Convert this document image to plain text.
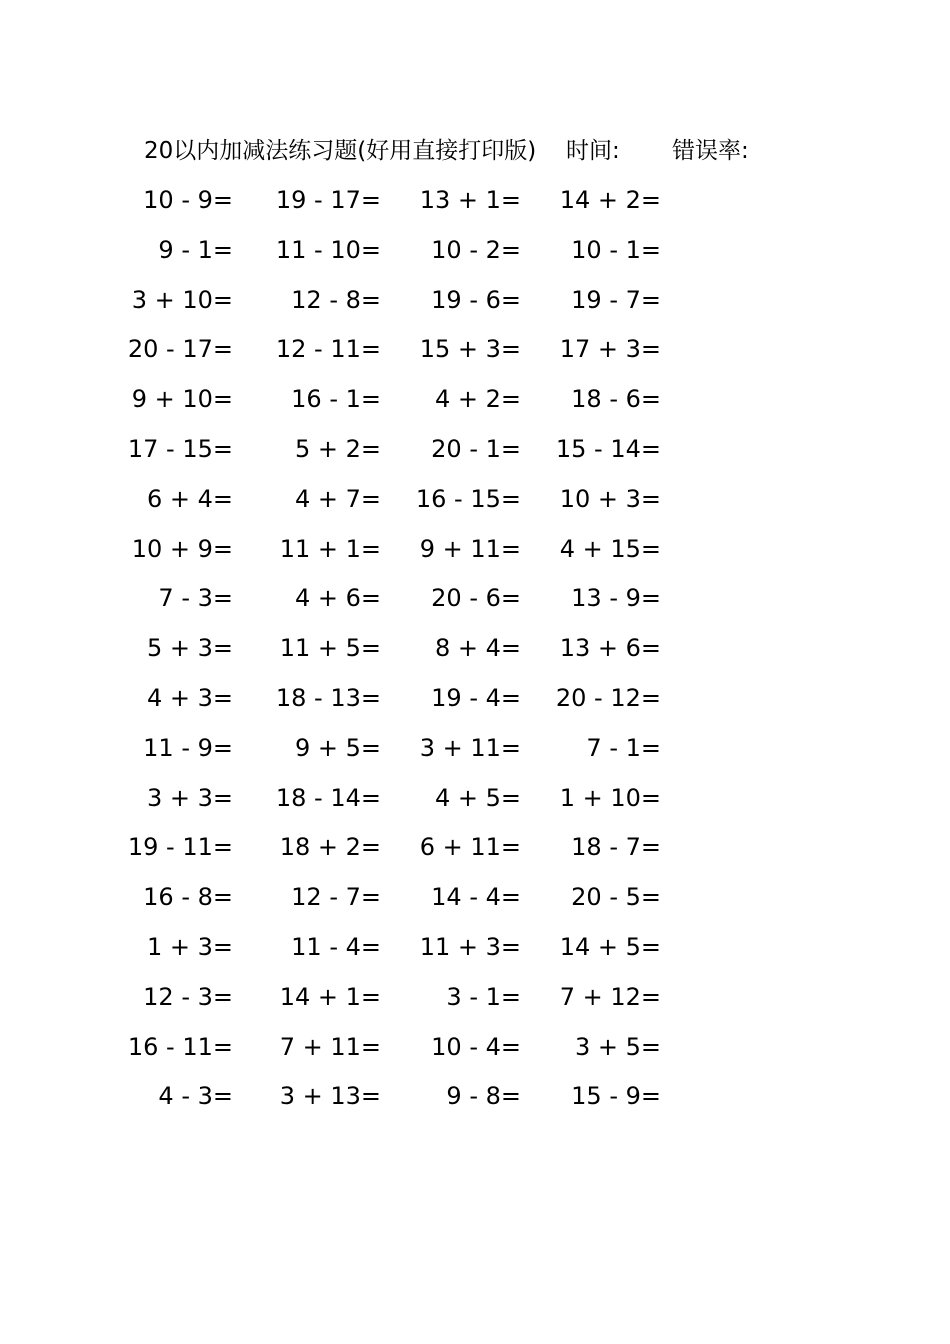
20以内加减法练习题(好用直接打印版) 时间: 错误率:
10 - 9= 19 - 17= 13 + 1= 14 + 2=
9 - 1= 11 - 10= 10 - 2= 10 - 1=
3 + 10= 12 - 8= 19 - 6= 19 - 7=
20 - 17= 12 - 11= 15 + 3= 17 + 3=
9 + 10= 16 - 1= 4 + 2= 18 - 6=
17 - 15=	5 + 2= 20 - 1= 15 - 14=
6 + 4=	4 + 7= 16 - 15= 10 + 3=
10 + 9= 11 + 1= 9 + 11= 4 + 15=
7 - 3=	4 + 6= 20 - 6= 13 - 9=
5 + 3= 11 + 5= 8 + 4= 13 + 6=
4 + 3= 18 - 13= 19 - 4= 20 - 12=
11 - 9=	9 + 5= 3 + 11=	7 - 1=
3 + 3= 18 - 14= 4 + 5= 1 + 10=
19 - 11= 18 + 2= 6 + 11= 18 - 7=
16 - 8= 12 - 7= 14 - 4= 20 - 5=
1 + 3= 11 - 4= 11 + 3= 14 + 5=
12 - 3= 14 + 1=	3 - 1= 7 + 12=
16 - 11= 7 + 11= 10 - 4= 3 + 5=
4 - 3= 3 + 13=	9 - 8= 15 - 9=
